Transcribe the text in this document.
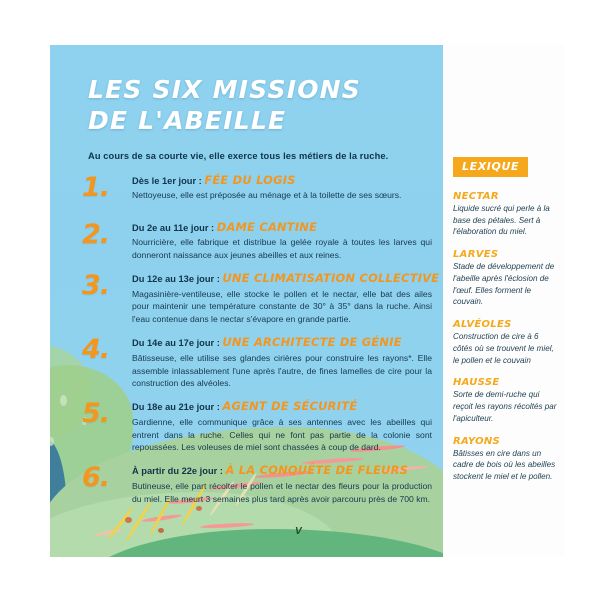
LES SIX MISSIONS
DE L'ABEILLE
Au cours de sa courte vie, elle exerce tous les métiers de la ruche.
1.	Dès le 1er jour : FÉE DU LOGIS
Nettoyeuse, elle est préposée au ménage et à la toilette de ses sœurs.
2.	Du 2e au 11e jour : DAME CANTINE
Nourricière, elle fabrique et distribue la gelée royale à toutes les larves qui donneront naissance aux jeunes abeilles et aux reines.
3.	Du 12e au 13e jour : UNE CLIMATISATION COLLECTIVE
Magasinière-ventileuse, elle stocke le pollen et le nectar, elle bat des ailes pour maintenir une température constante de 30° à 35° dans la ruche. Ainsi l'eau contenue dans le nectar s'évapore en grande partie.
4.	Du 14e au 17e jour : UNE ARCHITECTE DE GÉNIE
Bâtisseuse, elle utilise ses glandes cirières pour construire les rayons*. Elle assemble inlassablement l'une après l'autre, de fines lamelles de cire pour la construction des alvéoles.
5.	Du 18e au 21e jour : AGENT DE SÉCURITÉ
Gardienne, elle communique grâce à ses antennes avec les abeilles qui entrent dans la ruche. Celles qui ne font pas partie de la colonie sont repoussées. Les voleuses de miel sont chassées à coup de dard.
6.	À partir du 22e jour : À LA CONQUÊTE DE FLEURS
Butineuse, elle part récolter le pollen et le nectar des fleurs pour la production du miel. Elle meurt 3 semaines plus tard après avoir parcouru près de 700 km.
V
LEXIQUE
NECTAR
Liquide sucré qui perle à la base des pétales. Sert à l'élaboration du miel.
LARVES
Stade de développement de l'abeille après l'éclosion de l'œuf. Elles forment le couvain.
ALVÉOLES
Construction de cire à 6 côtés où se trouvent le miel, le pollen et le couvain
HAUSSE
Sorte de demi-ruche qui reçoit les rayons récoltés par l'apiculteur.
RAYONS
Bâtisses en cire dans un cadre de bois où les abeilles stockent le miel et le pollen.
